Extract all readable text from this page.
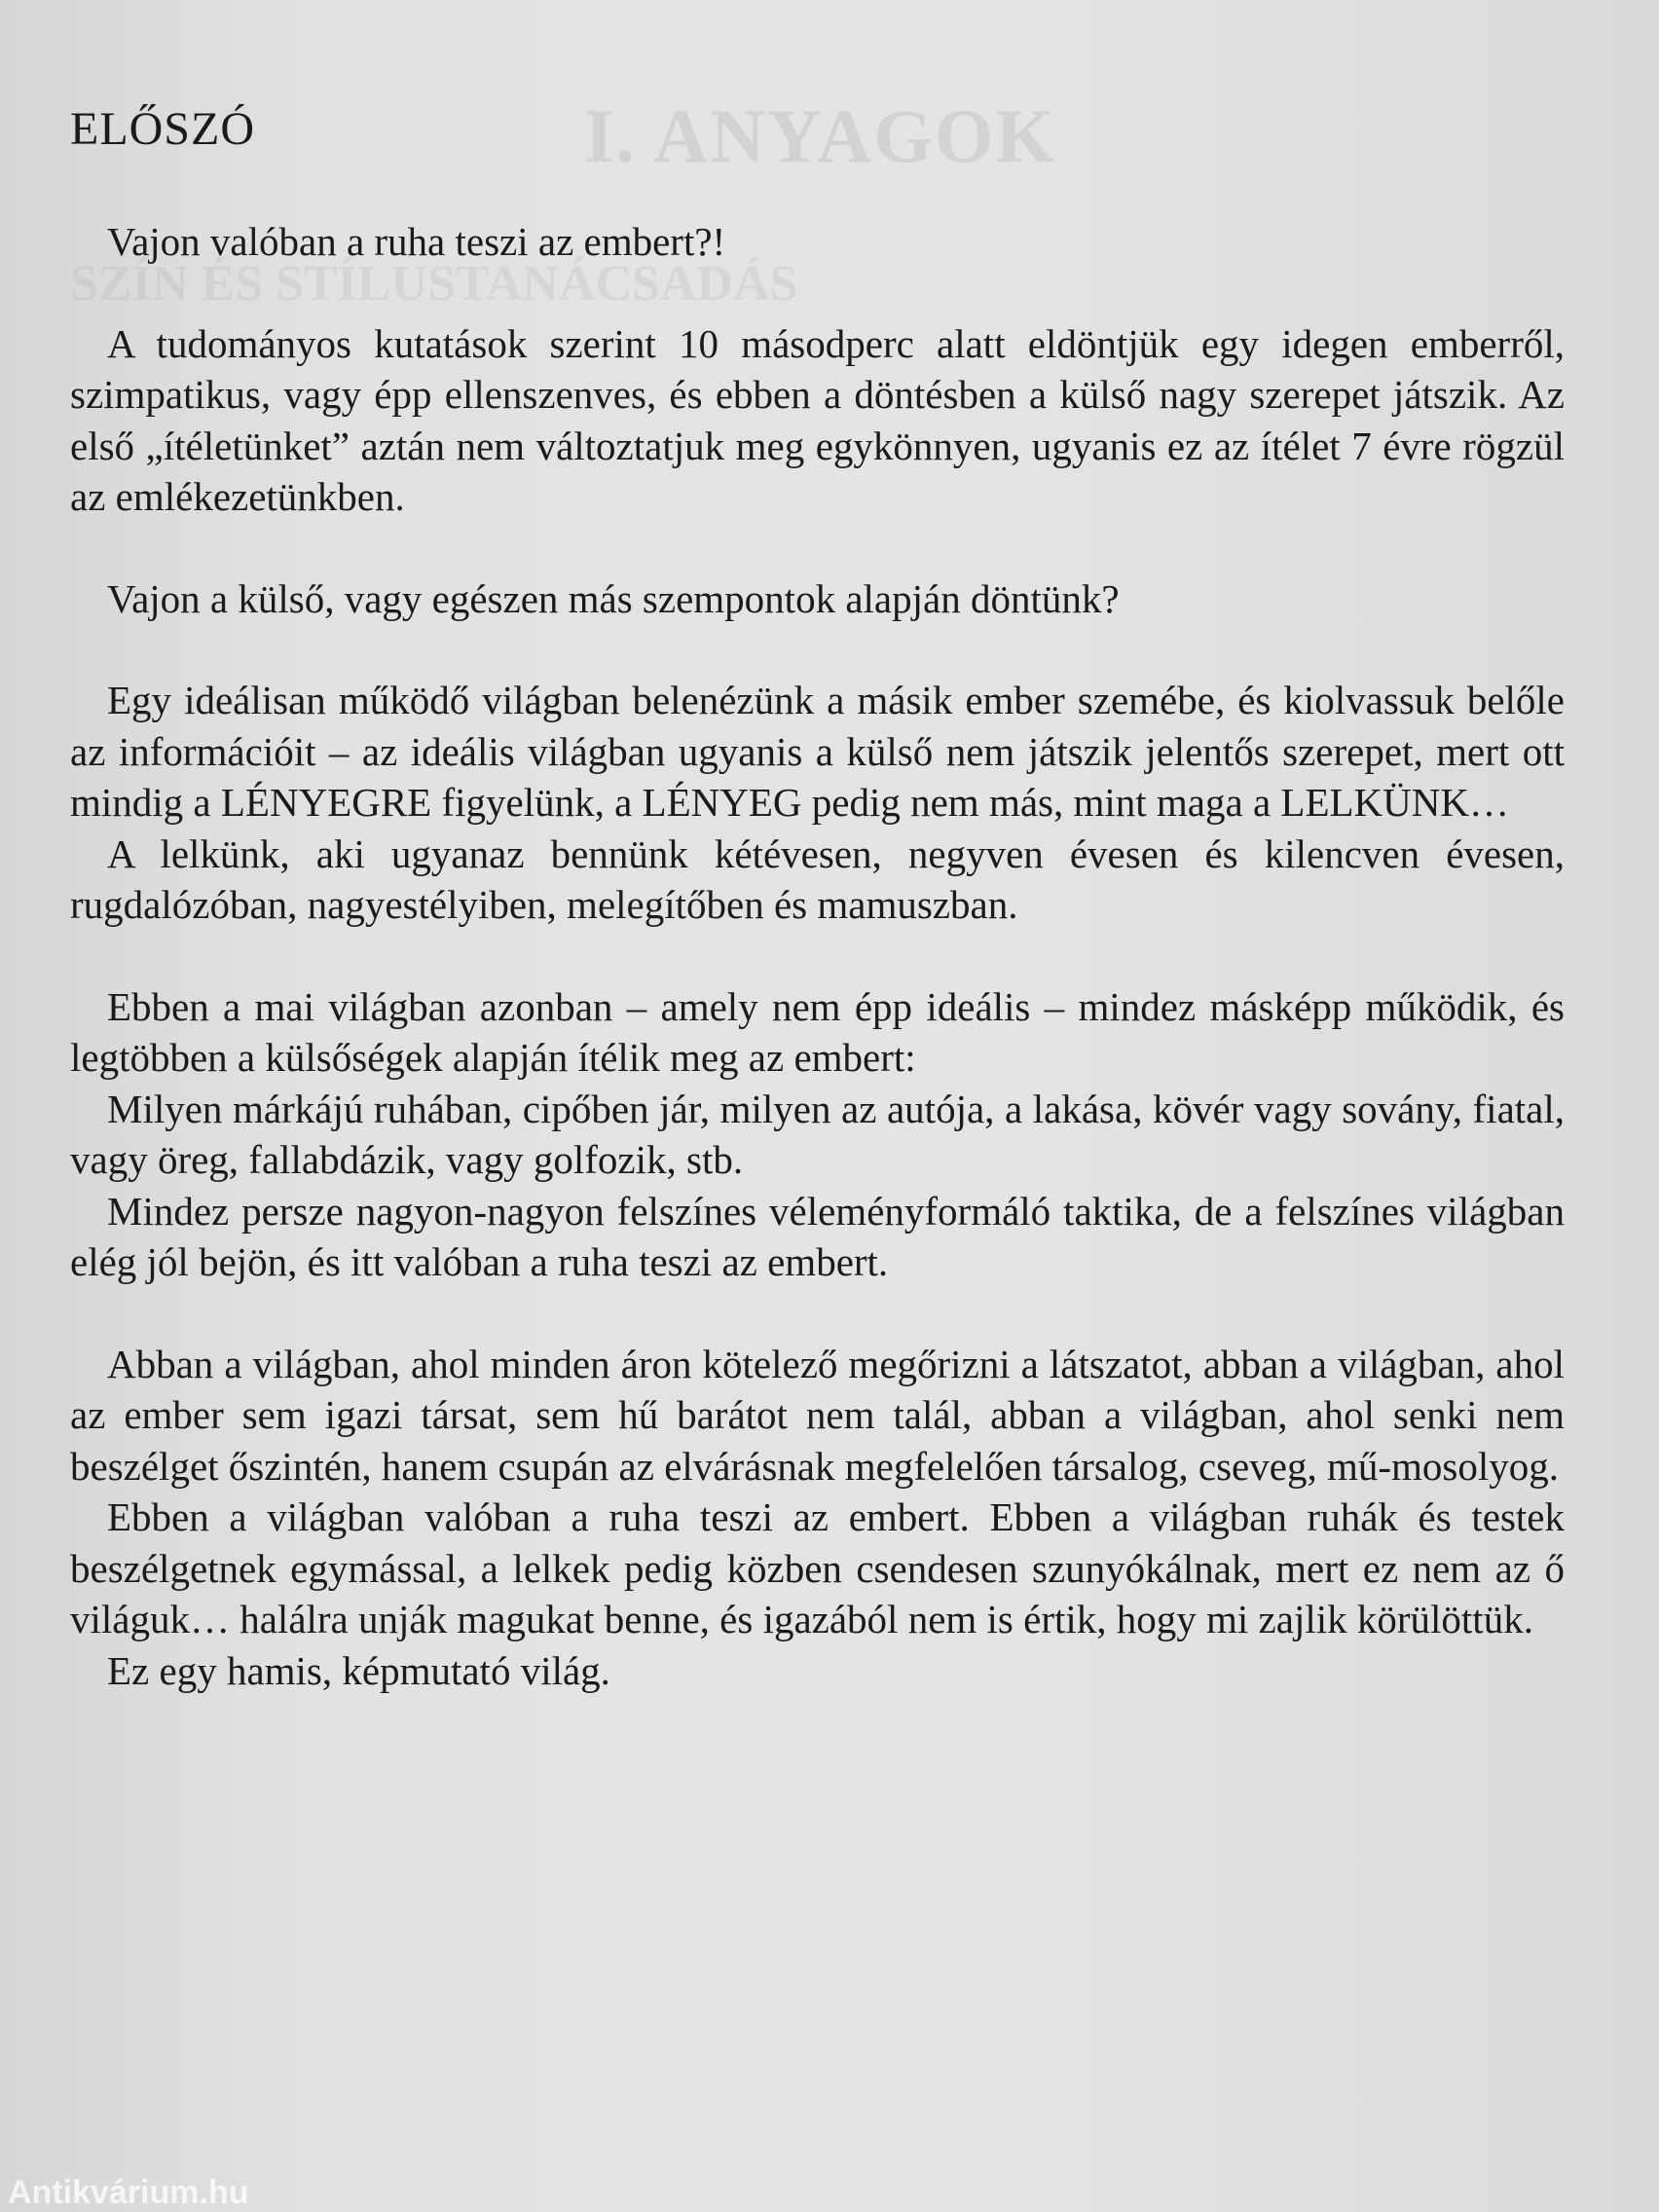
I. ANYAGOK
SZÍN ÉS STÍLUSTANÁCSADÁS
ELŐSZÓ

Vajon valóban a ruha teszi az embert?!

A tudományos kutatások szerint 10 másodperc alatt eldöntjük egy idegen emberről, szimpatikus, vagy épp ellenszenves, és ebben a döntésben a külső nagy szerepet játszik. Az első „ítéletünket” aztán nem változtatjuk meg egykönnyen, ugyanis ez az ítélet 7 évre rögzül az emlékezetünkben.

Vajon a külső, vagy egészen más szempontok alapján döntünk?

Egy ideálisan működő világban belenézünk a másik ember szemébe, és kiolvassuk belőle az információit – az ideális világban ugyanis a külső nem játszik jelentős szerepet, mert ott mindig a LÉNYEGRE figyelünk, a LÉNYEG pedig nem más, mint maga a LELKÜNK…
A lelkünk, aki ugyanaz bennünk kétévesen, negyven évesen és kilencven évesen, rugdalózóban, nagyestélyiben, melegítőben és mamuszban.

Ebben a mai világban azonban – amely nem épp ideális – mindez másképp működik, és legtöbben a külsőségek alapján ítélik meg az embert:
Milyen márkájú ruhában, cipőben jár, milyen az autója, a lakása, kövér vagy sovány, fiatal, vagy öreg, fallabdázik, vagy golfozik, stb.
Mindez persze nagyon-nagyon felszínes véleményformáló taktika, de a felszínes világban elég jól bejön, és itt valóban a ruha teszi az embert.

Abban a világban, ahol minden áron kötelező megőrizni a látszatot, abban a világban, ahol az ember sem igazi társat, sem hű barátot nem talál, abban a világban, ahol senki nem beszélget őszintén, hanem csupán az elvárásnak megfelelően társalog, cseveg, mű-mosolyog.
Ebben a világban valóban a ruha teszi az embert. Ebben a világban ruhák és testek beszélgetnek egymással, a lelkek pedig közben csendesen szunyókálnak, mert ez nem az ő világuk… halálra unják magukat benne, és igazából nem is értik, hogy mi zajlik körülöttük.
Ez egy hamis, képmutató világ.

Antikvárium.hu
